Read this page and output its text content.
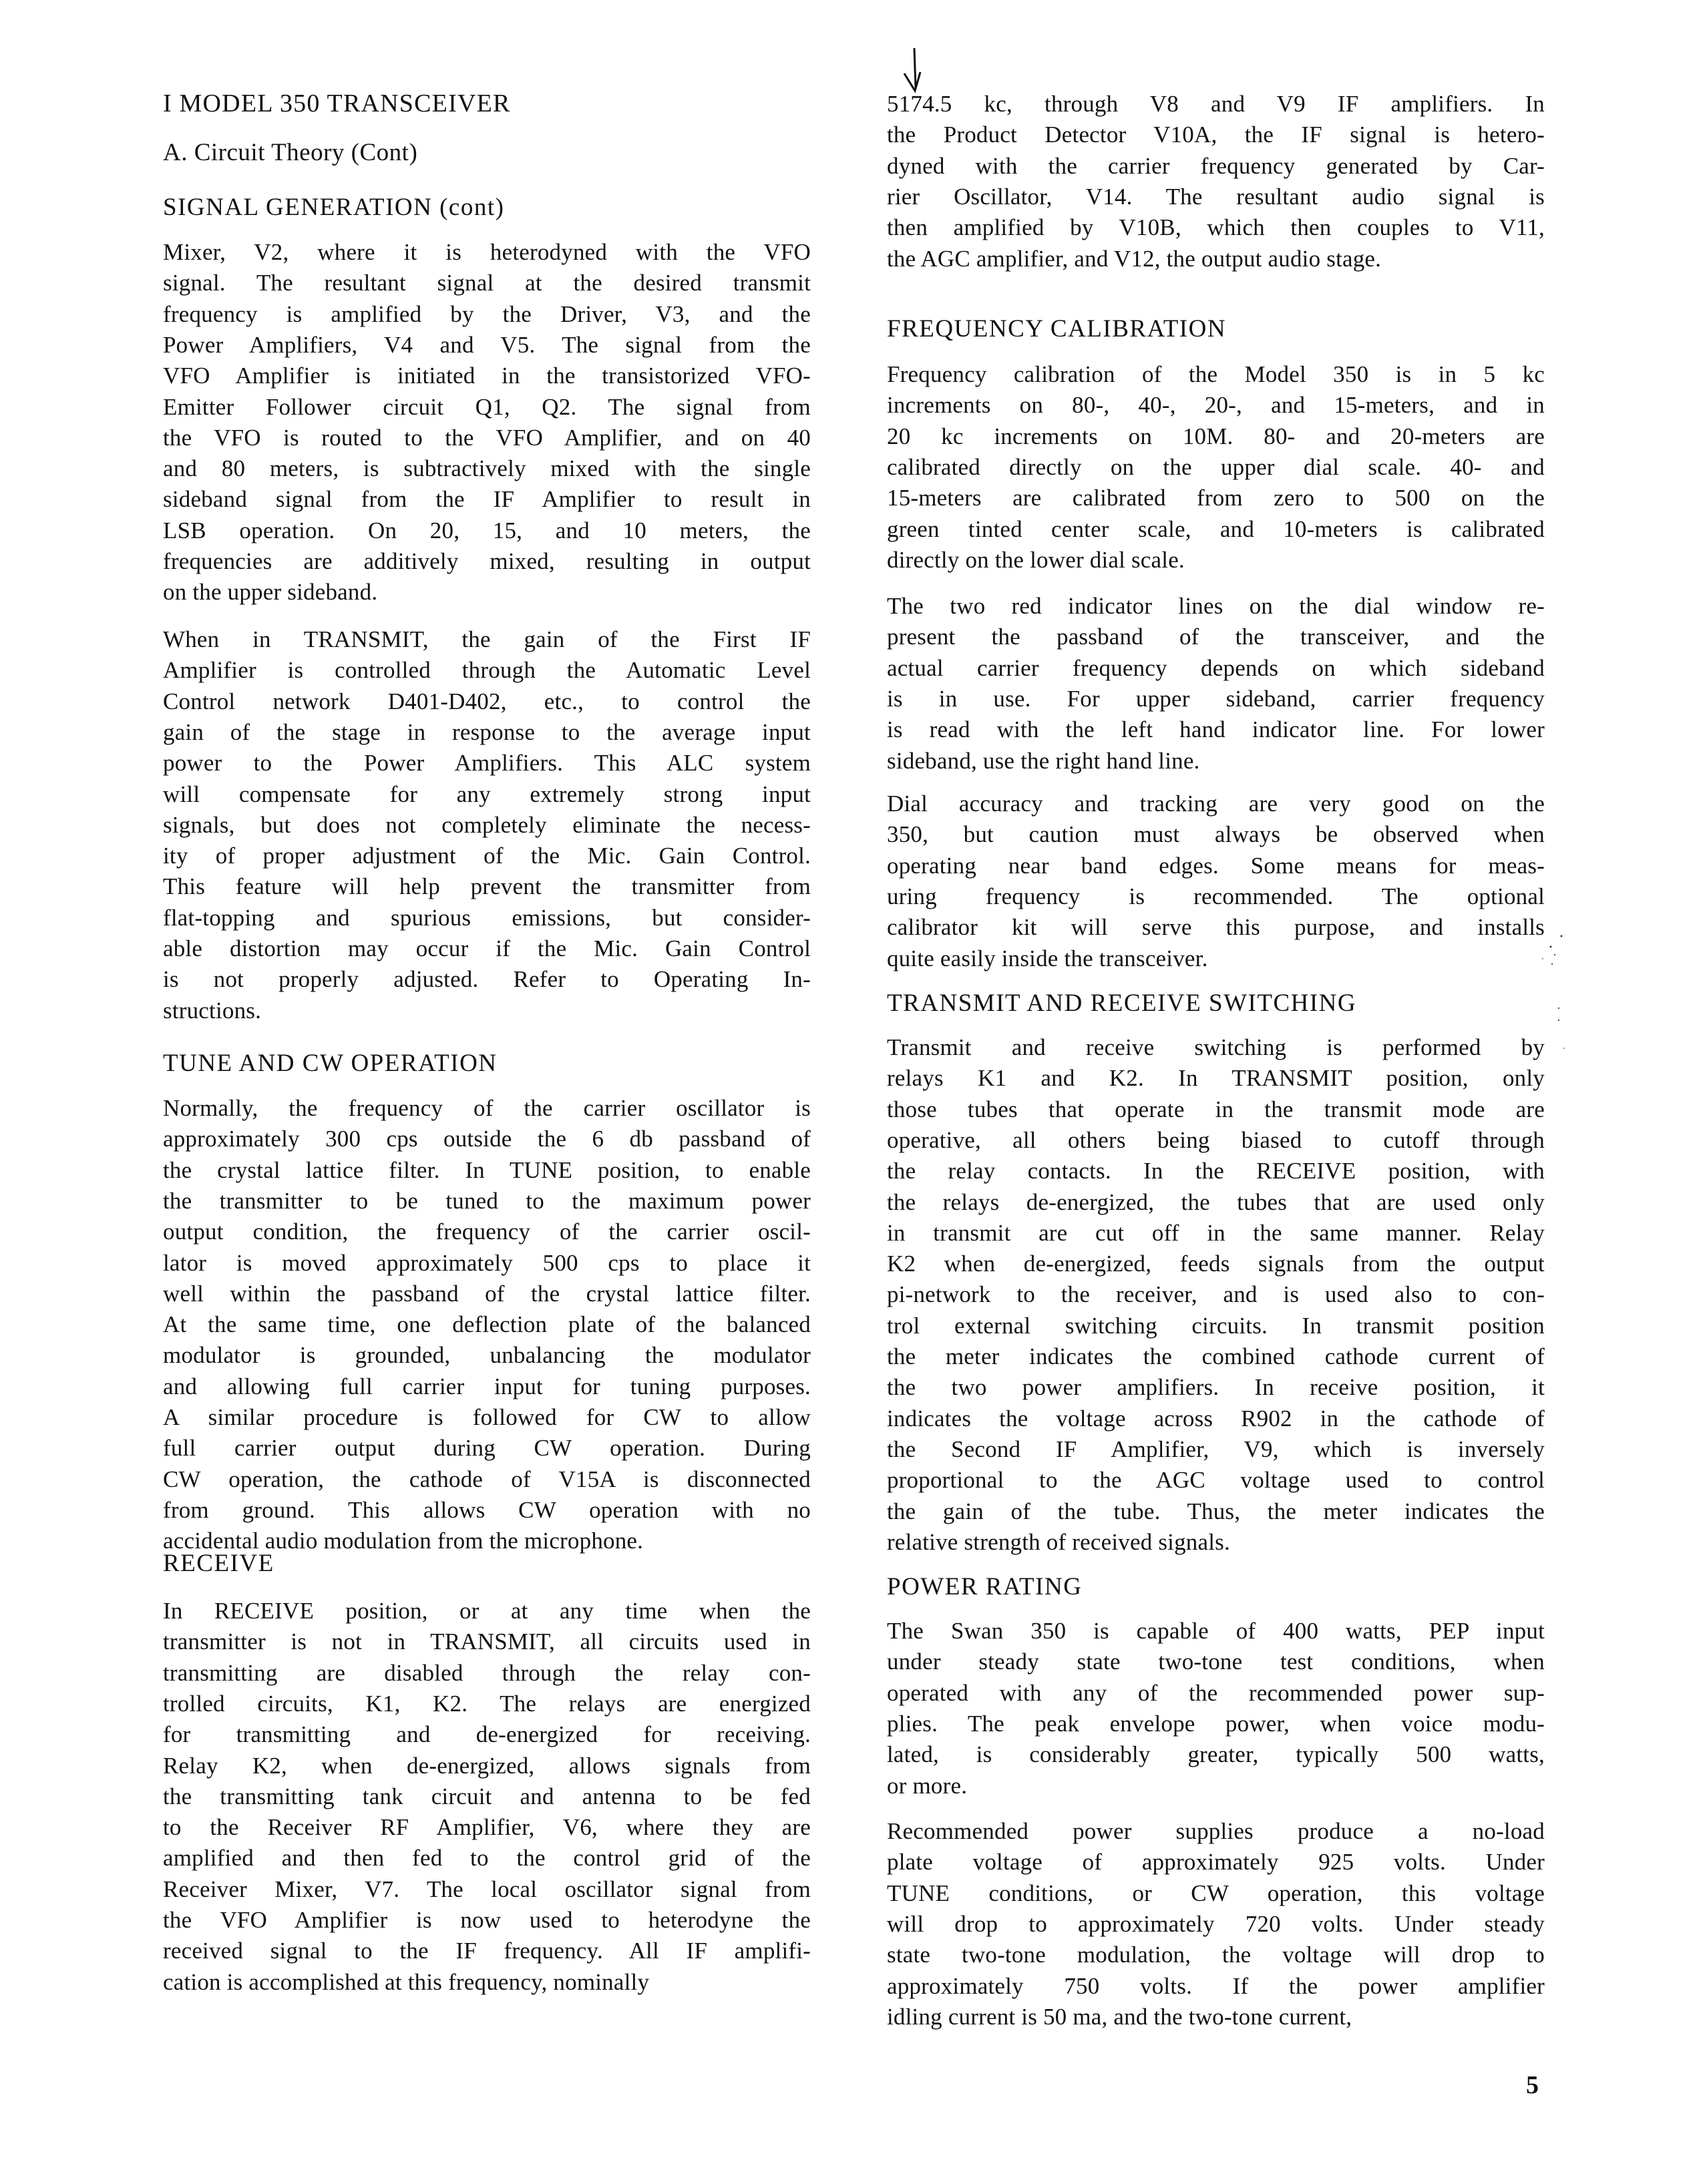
I MODEL 350 TRANSCEIVER
A. Circuit Theory (Cont)
SIGNAL GENERATION (cont)
Mixer, V2, where it is heterodyned with the VFO
signal. The resultant signal at the desired transmit
frequency is amplified by the Driver, V3, and the
Power Amplifiers, V4 and V5. The signal from the
VFO Amplifier is initiated in the transistorized VFO-
Emitter Follower circuit Q1, Q2. The signal from
the VFO is routed to the VFO Amplifier, and on 40
and 80 meters, is subtractively mixed with the single
sideband signal from the IF Amplifier to result in
LSB operation. On 20, 15, and 10 meters, the
frequencies are additively mixed, resulting in output
on the upper sideband.
When in TRANSMIT, the gain of the First IF
Amplifier is controlled through the Automatic Level
Control network D401-D402, etc., to control the
gain of the stage in response to the average input
power to the Power Amplifiers. This ALC system
will compensate for any extremely strong input
signals, but does not completely eliminate the necess-
ity of proper adjustment of the Mic. Gain Control.
This feature will help prevent the transmitter from
flat-topping and spurious emissions, but consider-
able distortion may occur if the Mic. Gain Control
is not properly adjusted. Refer to Operating In-
structions.
TUNE AND CW OPERATION
Normally, the frequency of the carrier oscillator is
approximately 300 cps outside the 6 db passband of
the crystal lattice filter. In TUNE position, to enable
the transmitter to be tuned to the maximum power
output condition, the frequency of the carrier oscil-
lator is moved approximately 500 cps to place it
well within the passband of the crystal lattice filter.
At the same time, one deflection plate of the balanced
modulator is grounded, unbalancing the modulator
and allowing full carrier input for tuning purposes.
A similar procedure is followed for CW to allow
full carrier output during CW operation. During
CW operation, the cathode of V15A is disconnected
from ground. This allows CW operation with no
accidental audio modulation from the microphone.
RECEIVE
In RECEIVE position, or at any time when the
transmitter is not in TRANSMIT, all circuits used in
transmitting are disabled through the relay con-
trolled circuits, K1, K2. The relays are energized
for transmitting and de-energized for receiving.
Relay K2, when de-energized, allows signals from
the transmitting tank circuit and antenna to be fed
to the Receiver RF Amplifier, V6, where they are
amplified and then fed to the control grid of the
Receiver Mixer, V7. The local oscillator signal from
the VFO Amplifier is now used to heterodyne the
received signal to the IF frequency. All IF amplifi-
cation is accomplished at this frequency, nominally
5174.5 kc, through V8 and V9 IF amplifiers. In
the Product Detector V10A, the IF signal is hetero-
dyned with the carrier frequency generated by Car-
rier Oscillator, V14. The resultant audio signal is
then amplified by V10B, which then couples to V11,
the AGC amplifier, and V12, the output audio stage.
FREQUENCY CALIBRATION
Frequency calibration of the Model 350 is in 5 kc
increments on 80-, 40-, 20-, and 15-meters, and in
20 kc increments on 10M. 80- and 20-meters are
calibrated directly on the upper dial scale. 40- and
15-meters are calibrated from zero to 500 on the
green tinted center scale, and 10-meters is calibrated
directly on the lower dial scale.
The two red indicator lines on the dial window re-
present the passband of the transceiver, and the
actual carrier frequency depends on which sideband
is in use. For upper sideband, carrier frequency
is read with the left hand indicator line. For lower
sideband, use the right hand line.
Dial accuracy and tracking are very good on the
350, but caution must always be observed when
operating near band edges. Some means for meas-
uring frequency is recommended. The optional
calibrator kit will serve this purpose, and installs
quite easily inside the transceiver.
TRANSMIT AND RECEIVE SWITCHING
Transmit and receive switching is performed by
relays K1 and K2. In TRANSMIT position, only
those tubes that operate in the transmit mode are
operative, all others being biased to cutoff through
the relay contacts. In the RECEIVE position, with
the relays de-energized, the tubes that are used only
in transmit are cut off in the same manner. Relay
K2 when de-energized, feeds signals from the output
pi-network to the receiver, and is used also to con-
trol external switching circuits. In transmit position
the meter indicates the combined cathode current of
the two power amplifiers. In receive position, it
indicates the voltage across R902 in the cathode of
the Second IF Amplifier, V9, which is inversely
proportional to the AGC voltage used to control
the gain of the tube. Thus, the meter indicates the
relative strength of received signals.
POWER RATING
The Swan 350 is capable of 400 watts, PEP input
under steady state two-tone test conditions, when
operated with any of the recommended power sup-
plies. The peak envelope power, when voice modu-
lated, is considerably greater, typically 500 watts,
or more.
Recommended power supplies produce a no-load
plate voltage of approximately 925 volts. Under
TUNE conditions, or CW operation, this voltage
will drop to approximately 720 volts. Under steady
state two-tone modulation, the voltage will drop to
approximately 750 volts. If the power amplifier
idling current is 50 ma, and the two-tone current,
5
